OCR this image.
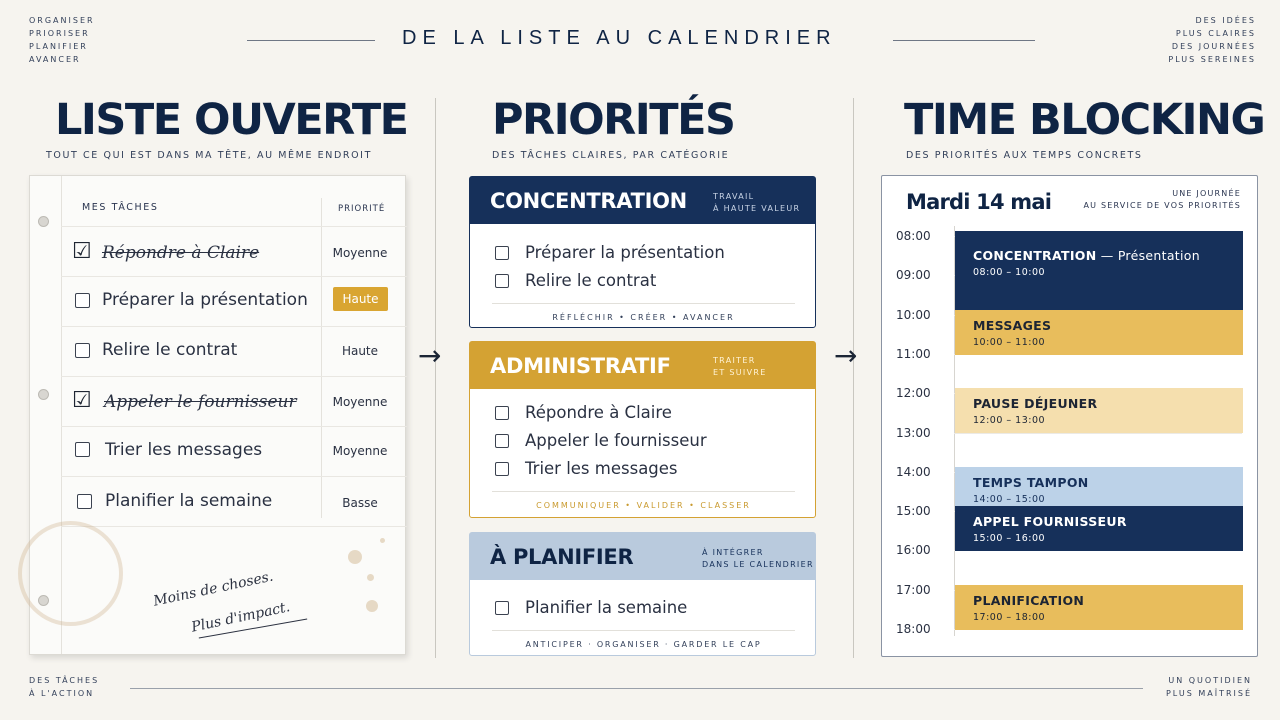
ORGANISER
PRIORISER
PLANIFIER
AVANCER
DES IDÉES
PLUS CLAIRES
DES JOURNÉES
PLUS SEREINES
DE LA LISTE AU CALENDRIER
LISTE OUVERTE
TOUT CE QUI EST DANS MA TÊTE, AU MÊME ENDROIT
PRIORITÉS
DES TÂCHES CLAIRES, PAR CATÉGORIE
TIME BLOCKING
DES PRIORITÉS AUX TEMPS CONCRETS
MES TÂCHES	PRIORITÉ
☑ Répondre à Claire	Moyenne
Préparer la présentation	Haute
Relire le contrat	Haute
☑ Appeler le fournisseur	Moyenne
Trier les messages	Moyenne
Planifier la semaine	Basse
Moins de choses.
Plus d'impact.
→	→
CONCENTRATION	TRAVAIL
À HAUTE VALEUR
Préparer la présentation
Relire le contrat
RÉFLÉCHIR • CRÉER • AVANCER
ADMINISTRATIF	TRAITER
ET SUIVRE
Répondre à Claire
Appeler le fournisseur
Trier les messages
COMMUNIQUER • VALIDER • CLASSER
À PLANIFIER	À INTÉGRER
DANS LE CALENDRIER
Planifier la semaine
ANTICIPER · ORGANISER · GARDER LE CAP
Mardi 14 mai	UNE JOURNÉE
AU SERVICE DE VOS PRIORITÉS
08:00
09:00
10:00
11:00
12:00
13:00
14:00
15:00
16:00
17:00
18:00
CONCENTRATION — Présentation
08:00 – 10:00
MESSAGES
10:00 – 11:00
PAUSE DÉJEUNER
12:00 – 13:00
TEMPS TAMPON
14:00 – 15:00
APPEL FOURNISSEUR
15:00 – 16:00
PLANIFICATION
17:00 – 18:00
DES TÂCHES
À L'ACTION
UN QUOTIDIEN
PLUS MAÎTRISÉ
